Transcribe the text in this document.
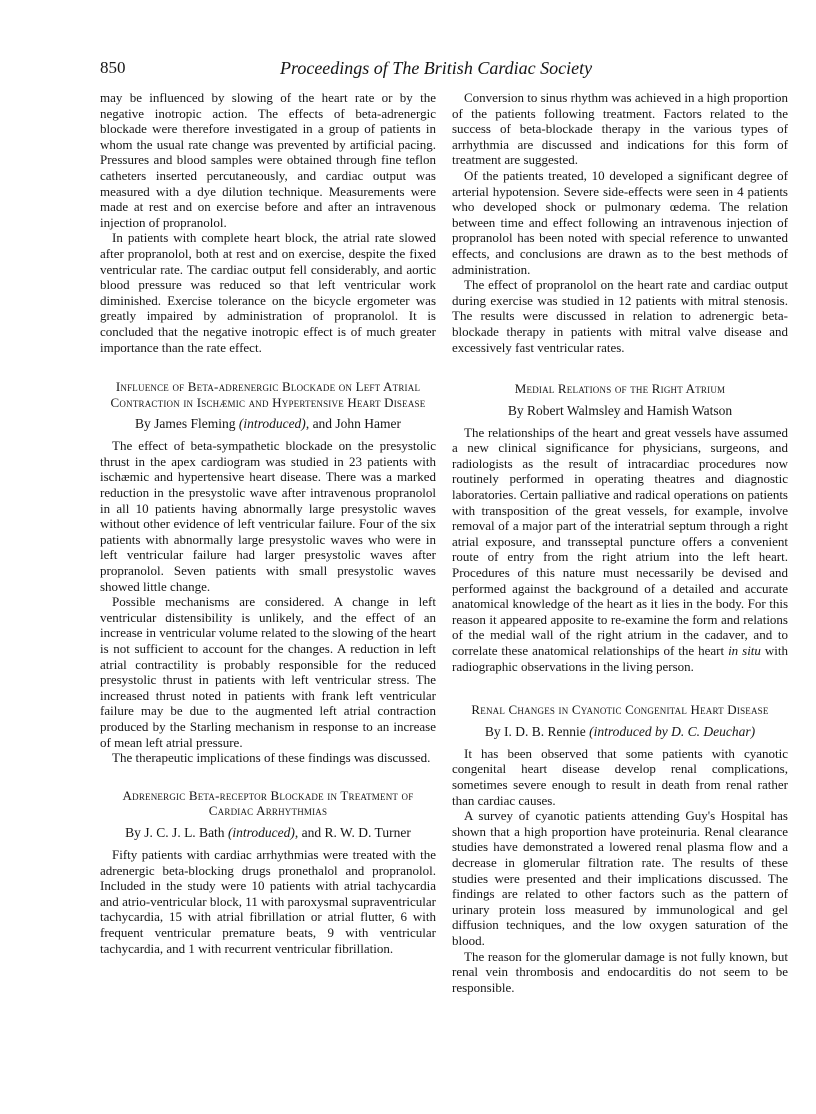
850	Proceedings of The British Cardiac Society

may be influenced by slowing of the heart rate or by the negative inotropic action. The effects of beta-adrenergic blockade were therefore investigated in a group of patients in whom the usual rate change was prevented by artificial pacing. Pressures and blood samples were obtained through fine teflon catheters inserted percutaneously, and cardiac output was measured with a dye dilution technique. Measurements were made at rest and on exercise before and after an intravenous injection of propranolol.

In patients with complete heart block, the atrial rate slowed after propranolol, both at rest and on exercise, despite the fixed ventricular rate. The cardiac output fell considerably, and aortic blood pressure was reduced so that left ventricular work diminished. Exercise tolerance on the bicycle ergometer was greatly impaired by administration of propranolol. It is concluded that the negative inotropic effect is of much greater importance than the rate effect.

Influence of Beta-adrenergic Blockade on Left Atrial Contraction in Ischæmic and Hypertensive Heart Disease
By James Fleming (introduced), and John Hamer

The effect of beta-sympathetic blockade on the presystolic thrust in the apex cardiogram was studied in 23 patients with ischæmic and hypertensive heart disease. There was a marked reduction in the presystolic wave after intravenous propranolol in all 10 patients having abnormally large presystolic waves without other evidence of left ventricular failure. Four of the six patients with abnormally large presystolic waves who were in left ventricular failure had larger presystolic waves after propranolol. Seven patients with small presystolic waves showed little change.

Possible mechanisms are considered. A change in left ventricular distensibility is unlikely, and the effect of an increase in ventricular volume related to the slowing of the heart is not sufficient to account for the changes. A reduction in left atrial contractility is probably responsible for the reduced presystolic thrust in patients with left ventricular stress. The increased thrust noted in patients with frank left ventricular failure may be due to the augmented left atrial contraction produced by the Starling mechanism in response to an increase of mean left atrial pressure.

The therapeutic implications of these findings was discussed.

Adrenergic Beta-receptor Blockade in Treatment of Cardiac Arrhythmias
By J. C. J. L. Bath (introduced), and R. W. D. Turner

Fifty patients with cardiac arrhythmias were treated with the adrenergic beta-blocking drugs pronethalol and propranolol. Included in the study were 10 patients with atrial tachycardia and atrio-ventricular block, 11 with paroxysmal supraventricular tachycardia, 15 with atrial fibrillation or atrial flutter, 6 with frequent ventricular premature beats, 9 with ventricular tachycardia, and 1 with recurrent ventricular fibrillation.

Conversion to sinus rhythm was achieved in a high proportion of the patients following treatment. Factors related to the success of beta-blockade therapy in the various types of arrhythmia are discussed and indications for this form of treatment are suggested.

Of the patients treated, 10 developed a significant degree of arterial hypotension. Severe side-effects were seen in 4 patients who developed shock or pulmonary œdema. The relation between time and effect following an intravenous injection of propranolol has been noted with special reference to unwanted effects, and conclusions are drawn as to the best methods of administration.

The effect of propranolol on the heart rate and cardiac output during exercise was studied in 12 patients with mitral stenosis. The results were discussed in relation to adrenergic beta-blockade therapy in patients with mitral valve disease and excessively fast ventricular rates.

Medial Relations of the Right Atrium
By Robert Walmsley and Hamish Watson

The relationships of the heart and great vessels have assumed a new clinical significance for physicians, surgeons, and radiologists as the result of intracardiac procedures now routinely performed in operating theatres and diagnostic laboratories. Certain palliative and radical operations on patients with transposition of the great vessels, for example, involve removal of a major part of the interatrial septum through a right atrial exposure, and transseptal puncture offers a convenient route of entry from the right atrium into the left heart. Procedures of this nature must necessarily be devised and performed against the background of a detailed and accurate anatomical knowledge of the heart as it lies in the body. For this reason it appeared apposite to re-examine the form and relations of the medial wall of the right atrium in the cadaver, and to correlate these anatomical relationships of the heart in situ with radiographic observations in the living person.

Renal Changes in Cyanotic Congenital Heart Disease
By I. D. B. Rennie (introduced by D. C. Deuchar)

It has been observed that some patients with cyanotic congenital heart disease develop renal complications, sometimes severe enough to result in death from renal rather than cardiac causes.

A survey of cyanotic patients attending Guy's Hospital has shown that a high proportion have proteinuria. Renal clearance studies have demonstrated a lowered renal plasma flow and a decrease in glomerular filtration rate. The results of these studies were presented and their implications discussed. The findings are related to other factors such as the pattern of urinary protein loss measured by immunological and gel diffusion techniques, and the low oxygen saturation of the blood.

The reason for the glomerular damage is not fully known, but renal vein thrombosis and endocarditis do not seem to be responsible.
